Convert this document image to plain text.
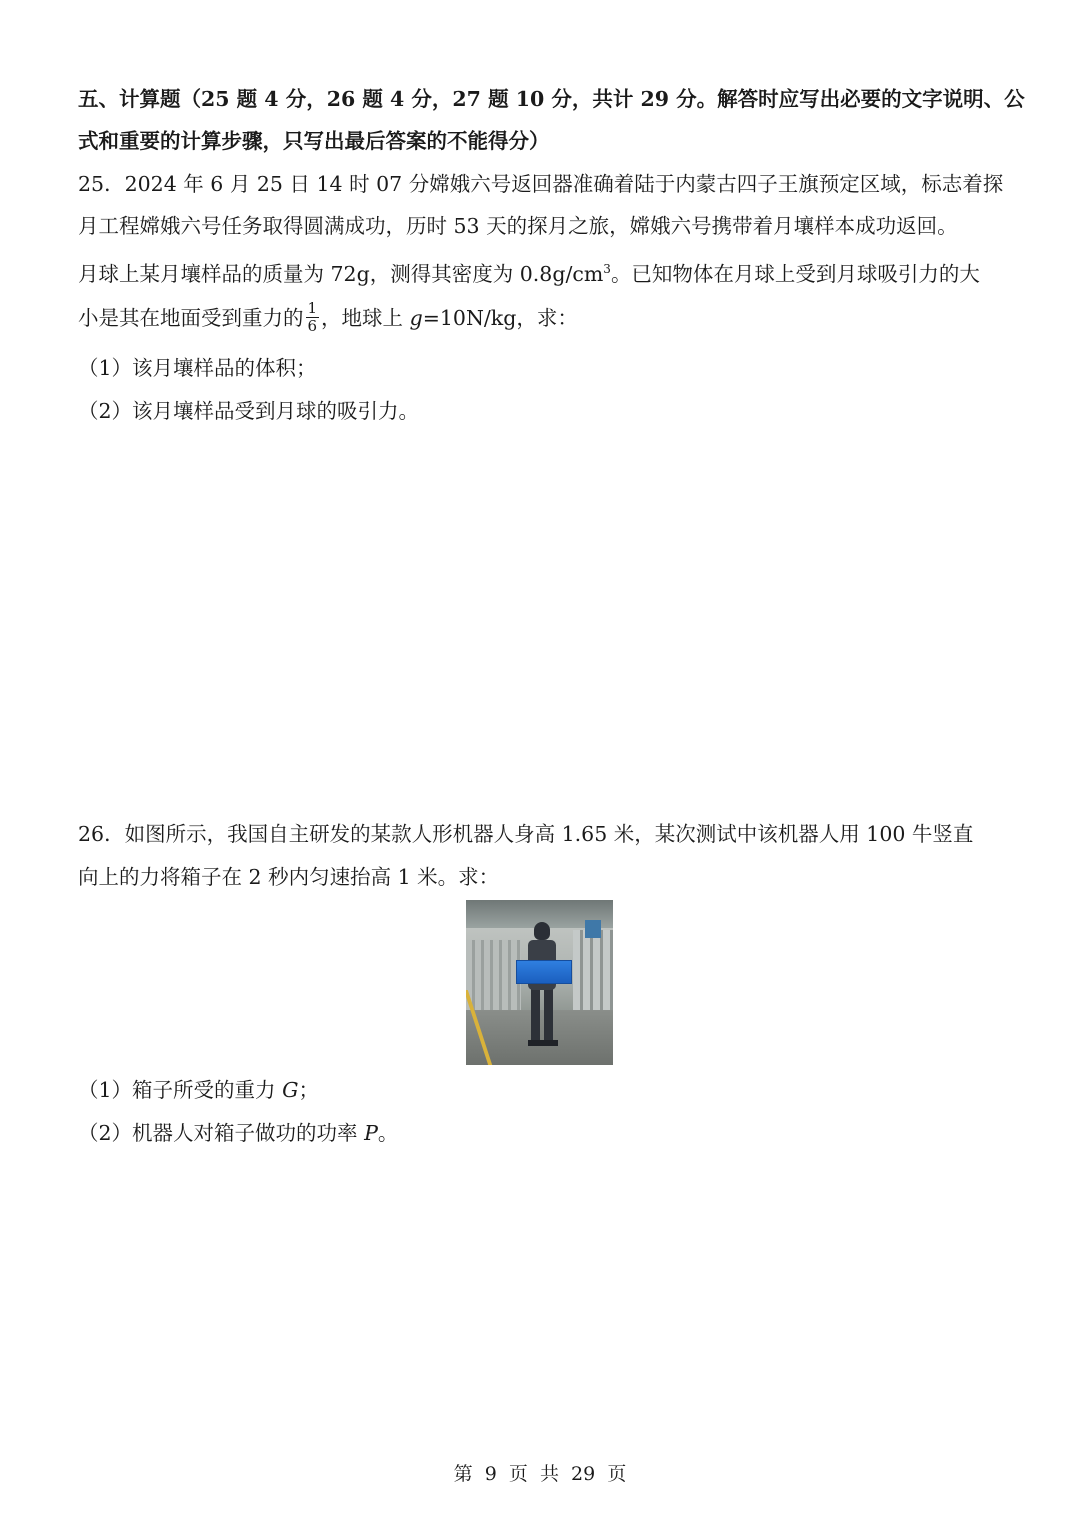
五、计算题（25 题 4 分，26 题 4 分，27 题 10 分，共计 29 分。解答时应写出必要的文字说明、公
式和重要的计算步骤，只写出最后答案的不能得分）
25．2024 年 6 月 25 日 14 时 07 分嫦娥六号返回器准确着陆于内蒙古四子王旗预定区域，标志着探
月工程嫦娥六号任务取得圆满成功，历时 53 天的探月之旅，嫦娥六号携带着月壤样本成功返回。
月球上某月壤样品的质量为 72g，测得其密度为 $0.8g/cm^3$。已知物体在月球上受到月球吸引力的大
小是其在地面受到重力的 $\frac{1}{6}$ ，地球上 g=10N/kg，求：
（1）该月壤样品的体积；
（2）该月壤样品受到月球的吸引力。
26．如图所示，我国自主研发的某款人形机器人身高 1.65 米，某次测试中该机器人用 100 牛竖直
向上的力将箱子在 2 秒内匀速抬高 1 米。求：
（1）箱子所受的重力 G；
（2）机器人对箱子做功的功率 P。
第  9  页  共  29  页
